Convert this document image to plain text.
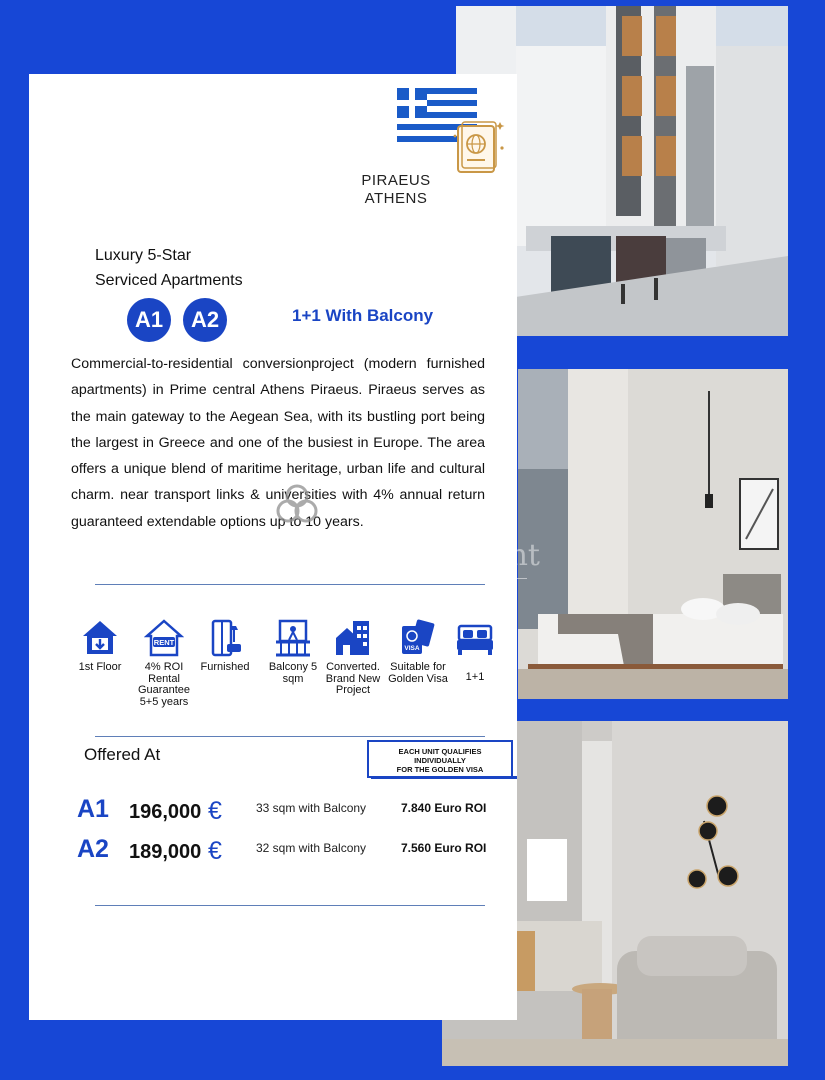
PIRAEUS
ATHENS
Luxury 5-Star
Serviced Apartments
A1	A2	1+1 With Balcony

Commercial-to-residential conversionproject (modern furnished apartments) in Prime central Athens Piraeus. Piraeus serves as the main gateway to the Aegean Sea, with its bustling port being the largest in Greece and one of the busiest in Europe. The area offers a unique blend of maritime heritage, urban life and cultural charm. near transport links & universities with 4% annual return guaranteed extendable options up to 10 years.

Exclusive agent
1st Floor
RENT
4% ROI Rental Guarantee 5+5 years
Furnished	Balcony 5 sqm
Converted. Brand New Project
VISA
Suitable for Golden Visa	1+1
Offered At	EACH UNIT QUALIFIES
INDIVIDUALLY
FOR THE GOLDEN VISA
A1 196,000 €	33 sqm with Balcony	7.840 Euro ROI
A2 189,000 €	32 sqm with Balcony	7.560 Euro ROI
